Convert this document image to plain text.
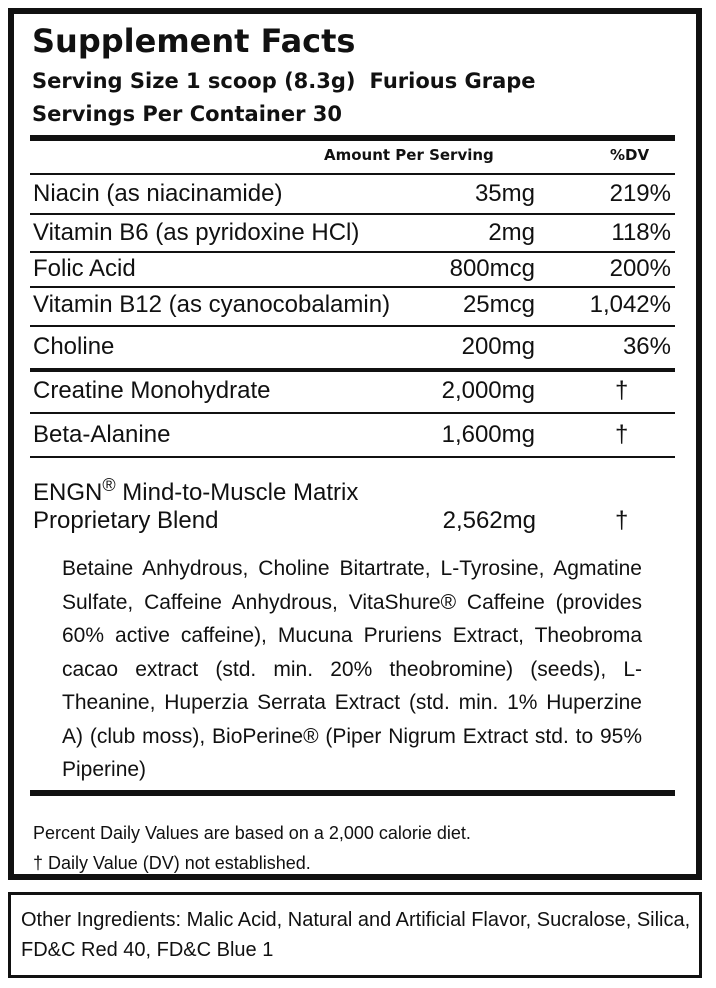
Supplement Facts
Serving Size 1 scoop (8.3g) Furious Grape
Servings Per Container 30
Amount Per Serving	%DV
Niacin (as niacinamide)	35mg	219%
Vitamin B6 (as pyridoxine HCl)	2mg	118%
Folic Acid	800mcg	200%
Vitamin B12 (as cyanocobalamin)	25mcg 1,042%
Choline	200mg	36%
Creatine Monohydrate	2,000mg	†
Beta-Alanine	1,600mg	†
ENGN® Mind-to-Muscle Matrix
Proprietary Blend	2,562mg	†
Betaine Anhydrous, Choline Bitartrate, L-Tyrosine, Agmatine Sulfate, Caffeine Anhydrous, VitaShure® Caffeine (provides 60% active caffeine), Mucuna Pruriens Extract, Theobroma cacao extract (std. min. 20% theobromine) (seeds), L-Theanine, Huperzia Serrata Extract (std. min. 1% Huperzine A) (club moss), BioPerine® (Piper Nigrum Extract std. to 95% Piperine)
Percent Daily Values are based on a 2,000 calorie diet.
† Daily Value (DV) not established.
Other Ingredients: Malic Acid, Natural and Artificial Flavor, Sucralose, Silica, FD&C Red 40, FD&C Blue 1
